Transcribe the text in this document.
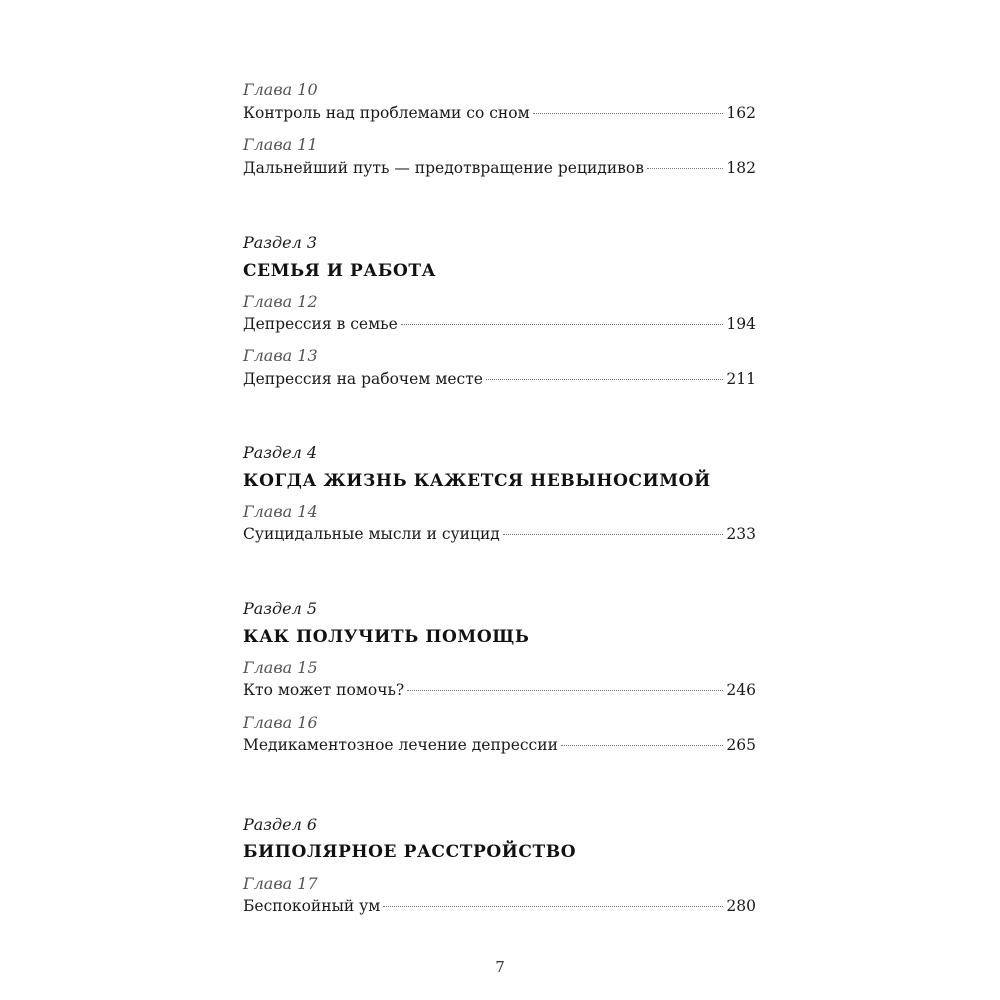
Глава 10
Контроль над проблемами со сном	162
Глава 11
Дальнейший путь — предотвращение рецидивов	182
Раздел 3
СЕМЬЯ И РАБОТА
Глава 12
Депрессия в семье	194
Глава 13
Депрессия на рабочем месте	211
Раздел 4
КОГДА ЖИЗНЬ КАЖЕТСЯ НЕВЫНОСИМОЙ
Глава 14
Суицидальные мысли и суицид	233
Раздел 5
КАК ПОЛУЧИТЬ ПОМОЩЬ
Глава 15
Кто может помочь?	246
Глава 16
Медикаментозное лечение депрессии	265
Раздел 6
БИПОЛЯРНОЕ РАССТРОЙСТВО
Глава 17
Беспокойный ум	280
7
